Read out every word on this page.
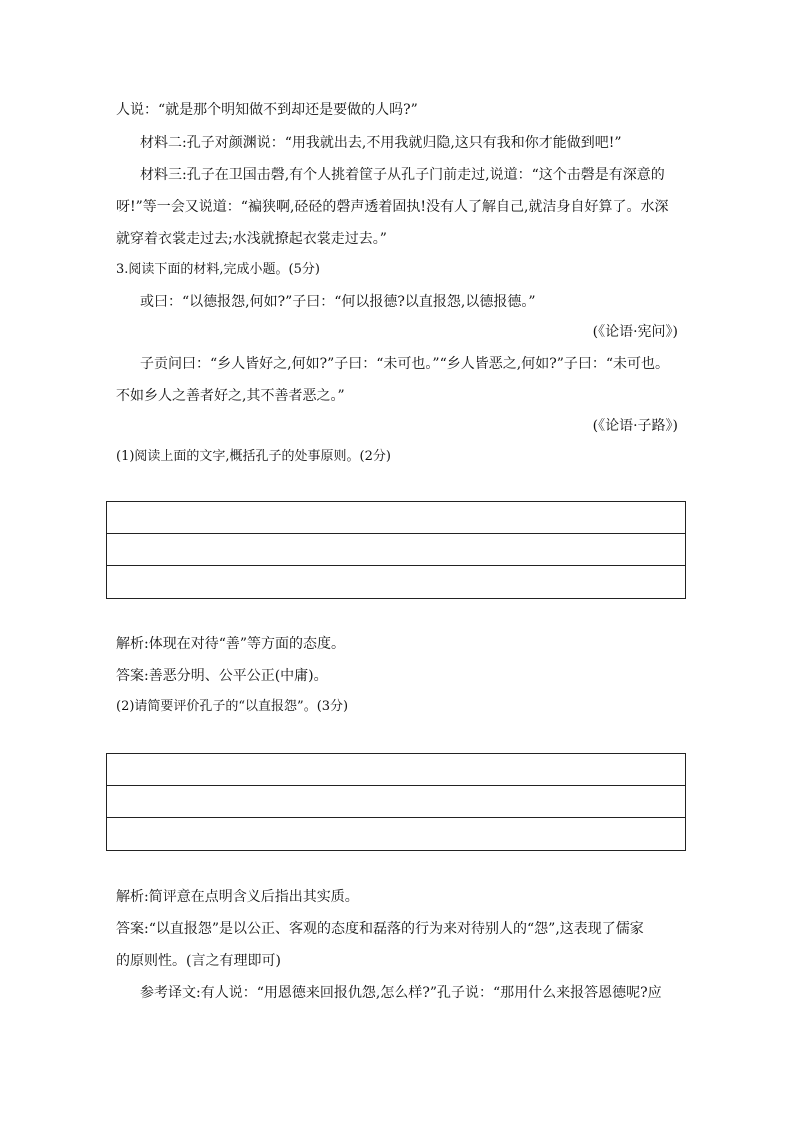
人说：“就是那个明知做不到却还是要做的人吗?”
材料二:孔子对颜渊说：“用我就出去,不用我就归隐,这只有我和你才能做到吧!”
材料三:孔子在卫国击磬,有个人挑着筐子从孔子门前走过,说道：“这个击磬是有深意的
呀!”等一会又说道：“褊狭啊,硁硁的磬声透着固执!没有人了解自己,就洁身自好算了。水深
就穿着衣裳走过去;水浅就撩起衣裳走过去。”
3.阅读下面的材料,完成小题。(5分)
或曰：“以德报怨,何如?”子曰：“何以报德?以直报怨,以德报德。”
(《论语·宪问》)
子贡问曰：“乡人皆好之,何如?”子曰：“未可也。”“乡人皆恶之,何如?”子曰：“未可也。
不如乡人之善者好之,其不善者恶之。”
(《论语·子路》)
(1)阅读上面的文字,概括孔子的处事原则。(2分)
解析:体现在对待“善”等方面的态度。
答案:善恶分明、公平公正(中庸)。
(2)请简要评价孔子的“以直报怨”。(3分)
解析:简评意在点明含义后指出其实质。
答案:“以直报怨”是以公正、客观的态度和磊落的行为来对待别人的“怨”,这表现了儒家
的原则性。(言之有理即可)
参考译文:有人说：“用恩德来回报仇怨,怎么样?”孔子说：“那用什么来报答恩德呢?应
